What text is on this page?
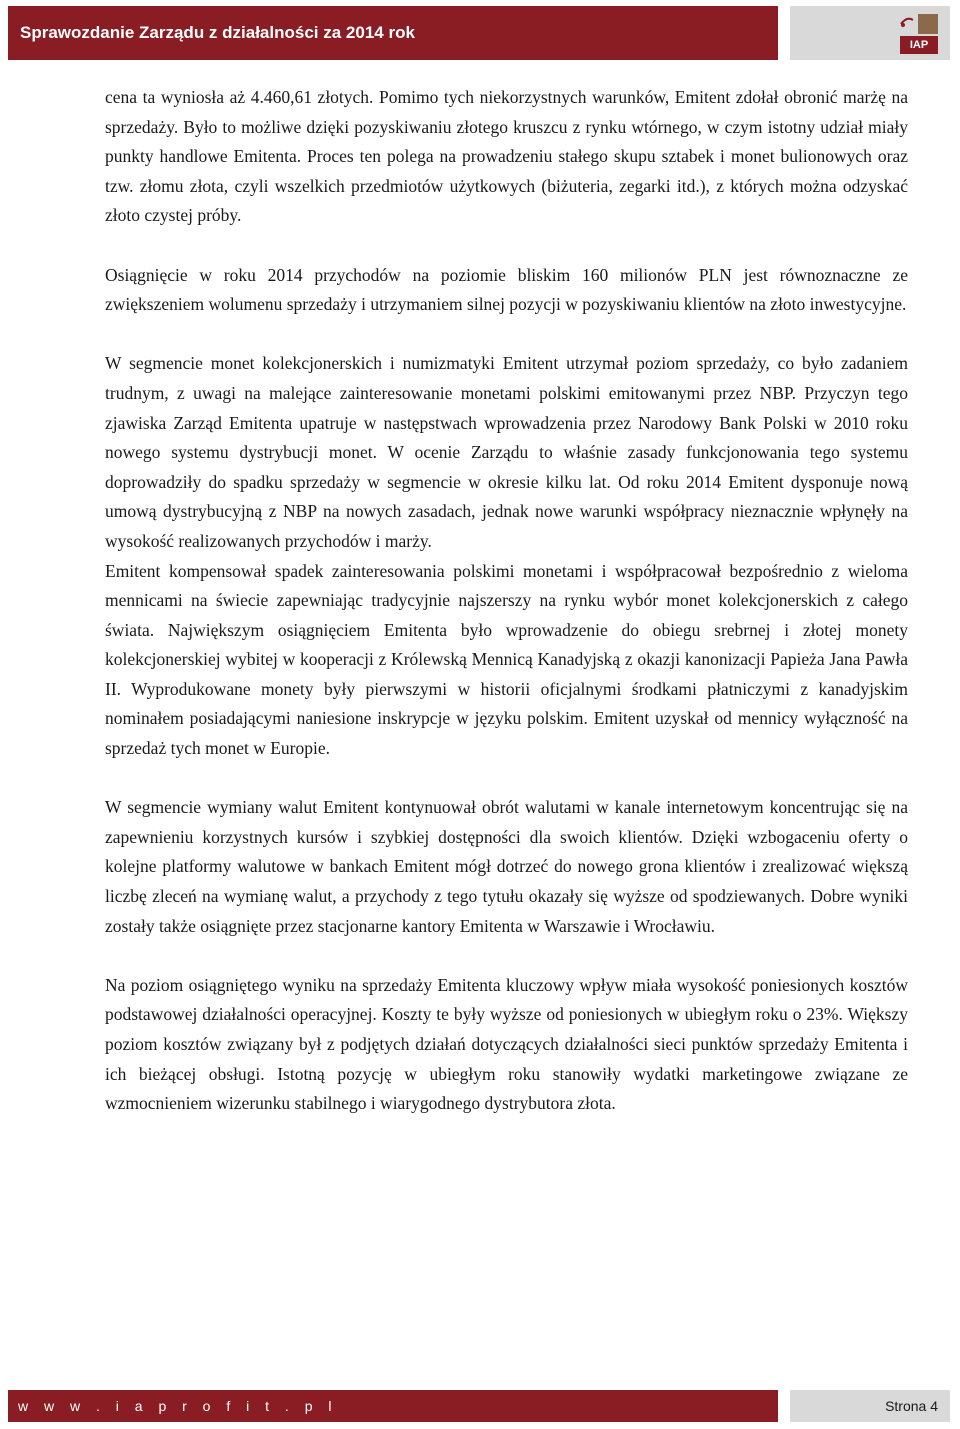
Sprawozdanie Zarządu z działalności za 2014 rok
IAP

cena ta wyniosła aż 4.460,61 złotych. Pomimo tych niekorzystnych warunków, Emitent zdołał obronić marżę na sprzedaży. Było to możliwe dzięki pozyskiwaniu złotego kruszcu z rynku wtórnego, w czym istotny udział miały punkty handlowe Emitenta. Proces ten polega na prowadzeniu stałego skupu sztabek i monet bulionowych oraz tzw. złomu złota, czyli wszelkich przedmiotów użytkowych (biżuteria, zegarki itd.), z których można odzyskać złoto czystej próby.

Osiągnięcie w roku 2014 przychodów na poziomie bliskim 160 milionów PLN jest równoznaczne ze zwiększeniem wolumenu sprzedaży i utrzymaniem silnej pozycji w pozyskiwaniu klientów na złoto inwestycyjne.

W segmencie monet kolekcjonerskich i numizmatyki Emitent utrzymał poziom sprzedaży, co było zadaniem trudnym, z uwagi na malejące zainteresowanie monetami polskimi emitowanymi przez NBP. Przyczyn tego zjawiska Zarząd Emitenta upatruje w następstwach wprowadzenia przez Narodowy Bank Polski w 2010 roku nowego systemu dystrybucji monet. W ocenie Zarządu to właśnie zasady funkcjonowania tego systemu doprowadziły do spadku sprzedaży w segmencie w okresie kilku lat. Od roku 2014 Emitent dysponuje nową umową dystrybucyjną z NBP na nowych zasadach, jednak nowe warunki współpracy nieznacznie wpłynęły na wysokość realizowanych przychodów i marży.

Emitent kompensował spadek zainteresowania polskimi monetami i współpracował bezpośrednio z wieloma mennicami na świecie zapewniając tradycyjnie najszerszy na rynku wybór monet kolekcjonerskich z całego świata. Największym osiągnięciem Emitenta było wprowadzenie do obiegu srebrnej i złotej monety kolekcjonerskiej wybitej w kooperacji z Królewską Mennicą Kanadyjską z okazji kanonizacji Papieża Jana Pawła II. Wyprodukowane monety były pierwszymi w historii oficjalnymi środkami płatniczymi z kanadyjskim nominałem posiadającymi naniesione inskrypcje w języku polskim. Emitent uzyskał od mennicy wyłączność na sprzedaż tych monet w Europie.

W segmencie wymiany walut Emitent kontynuował obrót walutami w kanale internetowym koncentrując się na zapewnieniu korzystnych kursów i szybkiej dostępności dla swoich klientów. Dzięki wzbogaceniu oferty o kolejne platformy walutowe w bankach Emitent mógł dotrzeć do nowego grona klientów i zrealizować większą liczbę zleceń na wymianę walut, a przychody z tego tytułu okazały się wyższe od spodziewanych. Dobre wyniki zostały także osiągnięte przez stacjonarne kantory Emitenta w Warszawie i Wrocławiu.

Na poziom osiągniętego wyniku na sprzedaży Emitenta kluczowy wpływ miała wysokość poniesionych kosztów podstawowej działalności operacyjnej. Koszty te były wyższe od poniesionych w ubiegłym roku o 23%. Większy poziom kosztów związany był z podjętych działań dotyczących działalności sieci punktów sprzedaży Emitenta i ich bieżącej obsługi. Istotną pozycję w ubiegłym roku stanowiły wydatki marketingowe związane ze wzmocnieniem wizerunku stabilnego i wiarygodnego dystrybutora złota.

w w w . i a p r o f i t . p l	Strona 4
